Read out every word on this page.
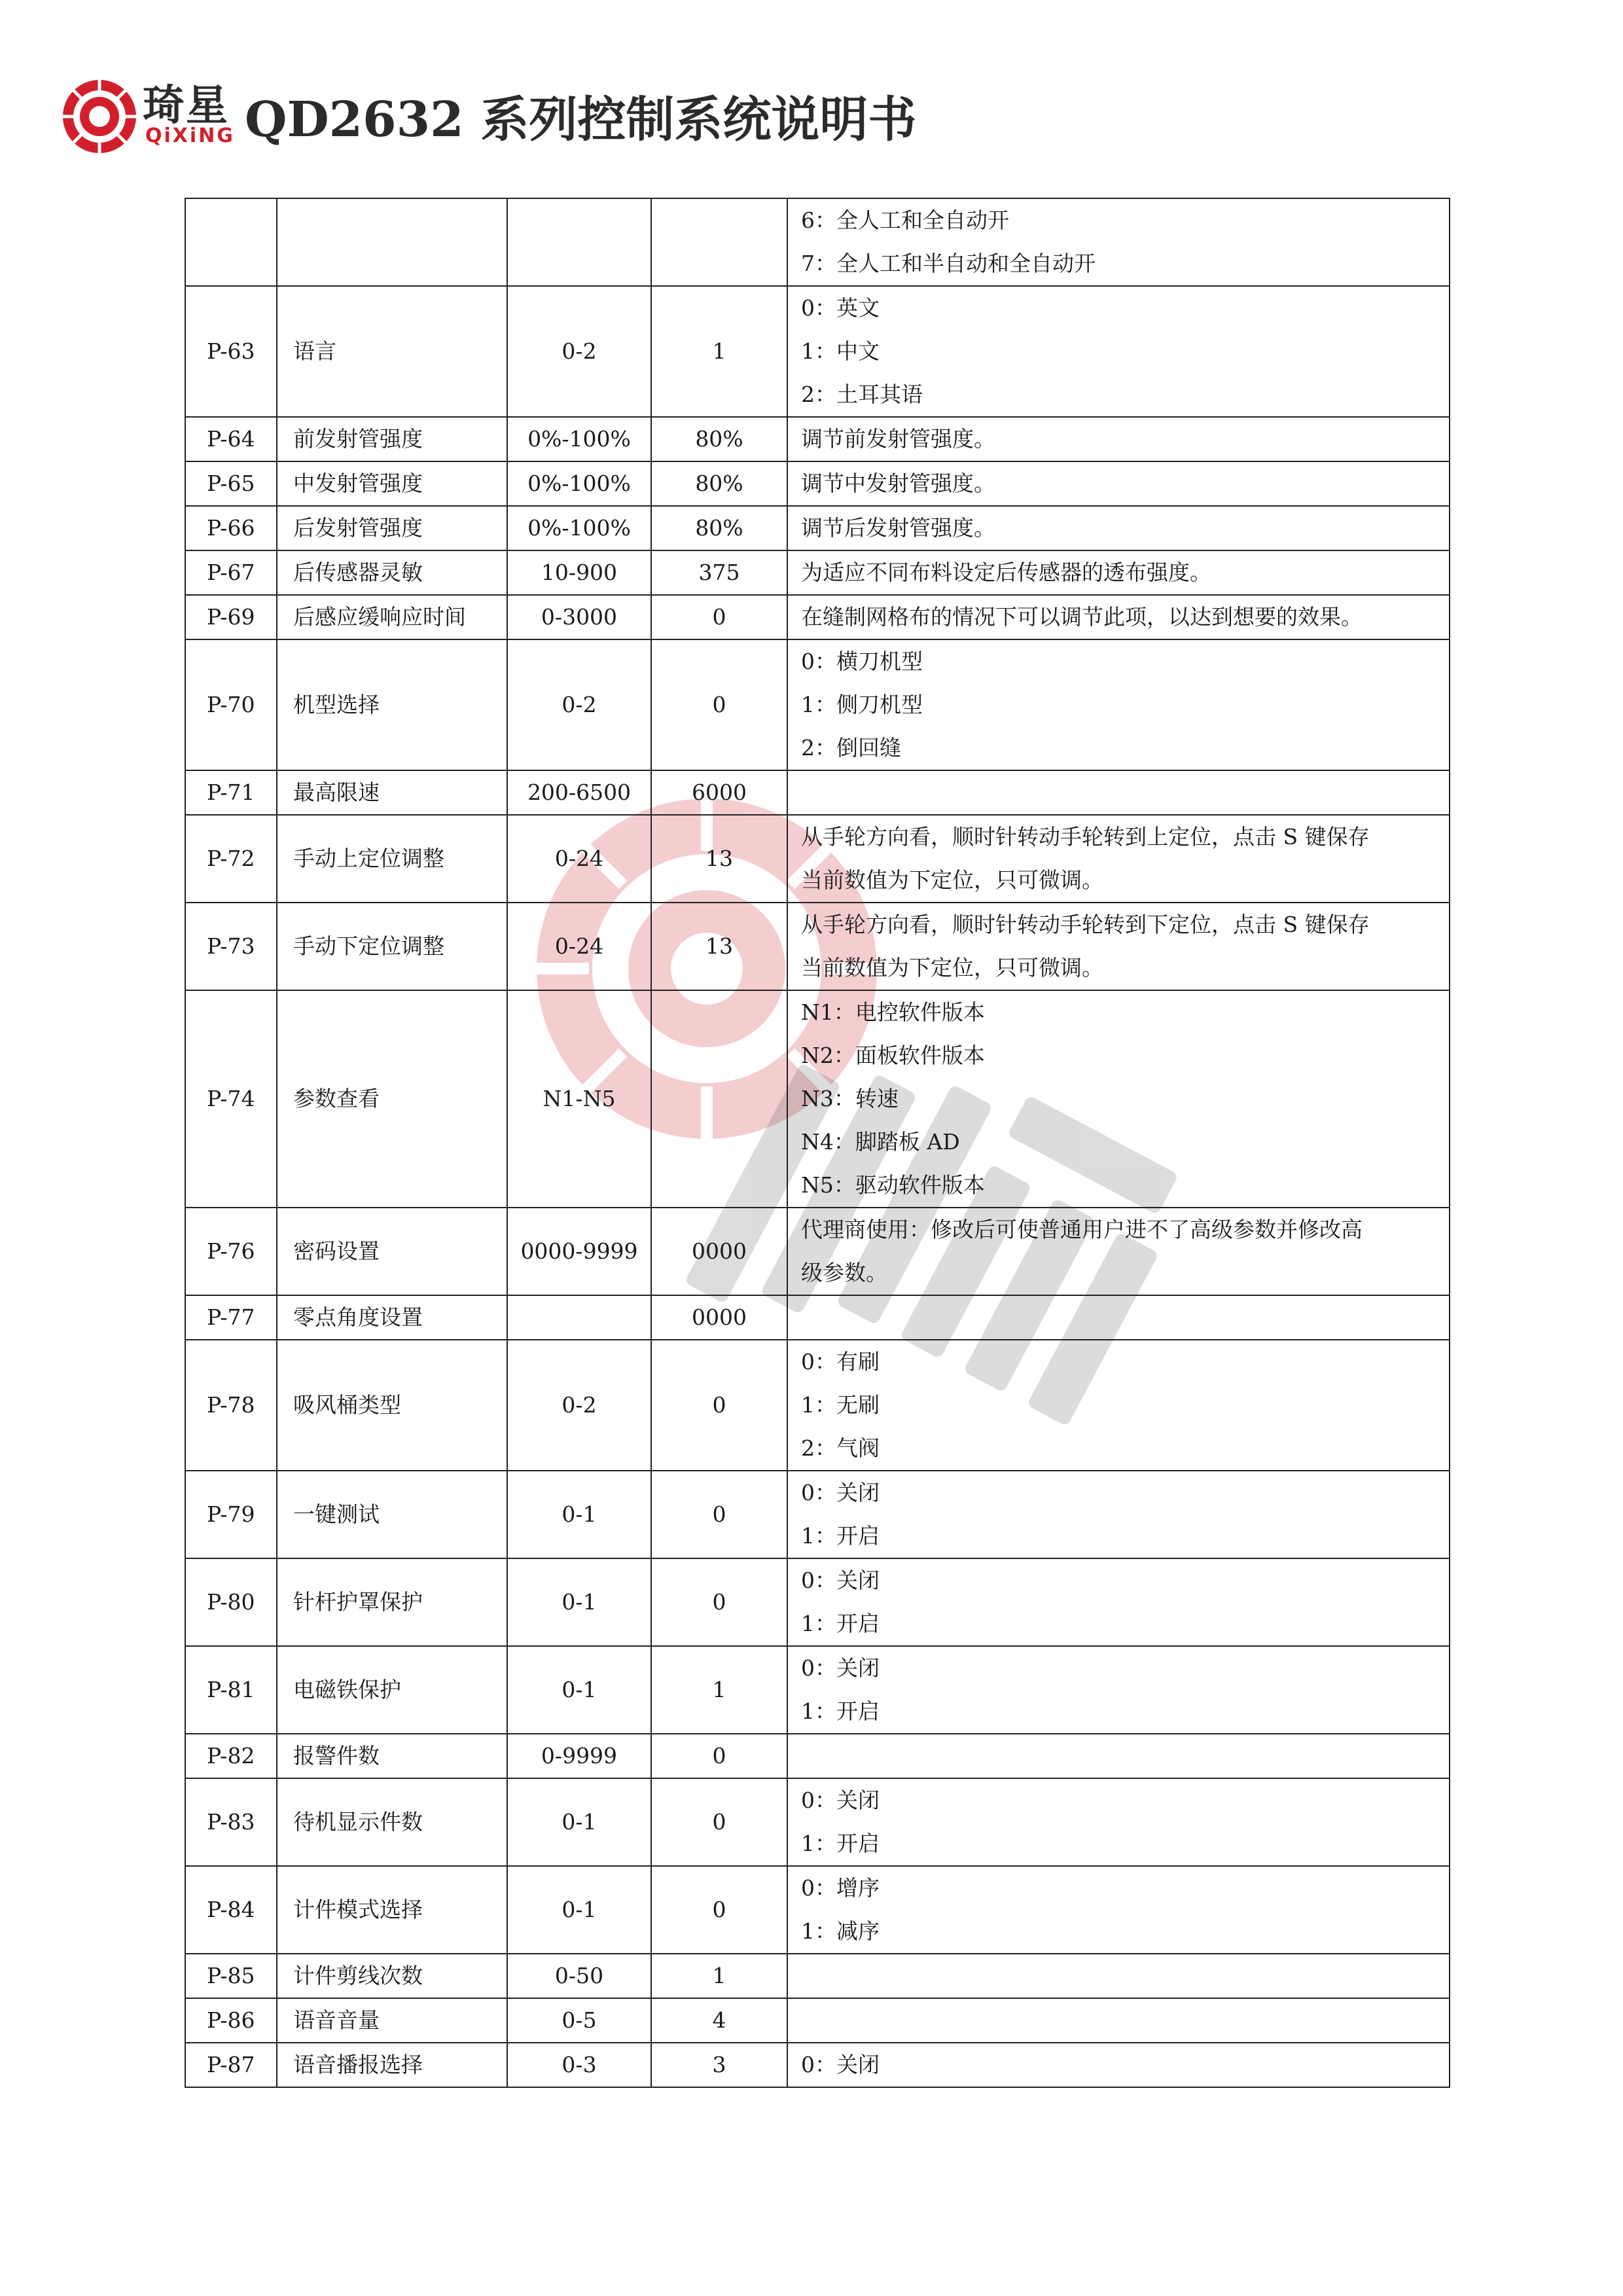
琦星
QiXiNG QD2632 系列控制系统说明书

				6：全人工和全自动开
7：全人工和半自动和全自动开

P-63	语言	0-2	1	0：英文
1：中文
2：土耳其语

P-64	前发射管强度	0%-100%	80%	调节前发射管强度。

P-65	中发射管强度	0%-100%	80%	调节中发射管强度。

P-66	后发射管强度	0%-100%	80%	调节后发射管强度。

P-67	后传感器灵敏	10-900	375	为适应不同布料设定后传感器的透布强度。

P-69	后感应缓响应时间	0-3000	0	在缝制网格布的情况下可以调节此项，以达到想要的效果。

P-70	机型选择	0-2	0	0：横刀机型
1：侧刀机型
2：倒回缝

P-71	最高限速	200-6500	6000	
P-72	手动上定位调整	0-24	13	从手轮方向看，顺时针转动手轮转到上定位，点击 S 键保存
当前数值为下定位，只可微调。

P-73	手动下定位调整	0-24	13	从手轮方向看，顺时针转动手轮转到下定位，点击 S 键保存
当前数值为下定位，只可微调。

P-74	参数查看	N1-N5		N1：电控软件版本
N2：面板软件版本
N3：转速
N4：脚踏板 AD
N5：驱动软件版本

P-76	密码设置	0000-9999	0000	代理商使用：修改后可使普通用户进不了高级参数并修改高
级参数。

P-77	零点角度设置		0000	
P-78	吸风桶类型	0-2	0	0：有刷
1：无刷
2：气阀

P-79	一键测试	0-1	0	0：关闭
1：开启

P-80	针杆护罩保护	0-1	0	0：关闭
1：开启

P-81	电磁铁保护	0-1	1	0：关闭
1：开启

P-82	报警件数	0-9999	0	
P-83	待机显示件数	0-1	0	0：关闭
1：开启

P-84	计件模式选择	0-1	0	0：增序
1：减序

P-85	计件剪线次数	0-50	1	
P-86	语音音量	0-5	4	
P-87	语音播报选择	0-3	3	0：关闭
